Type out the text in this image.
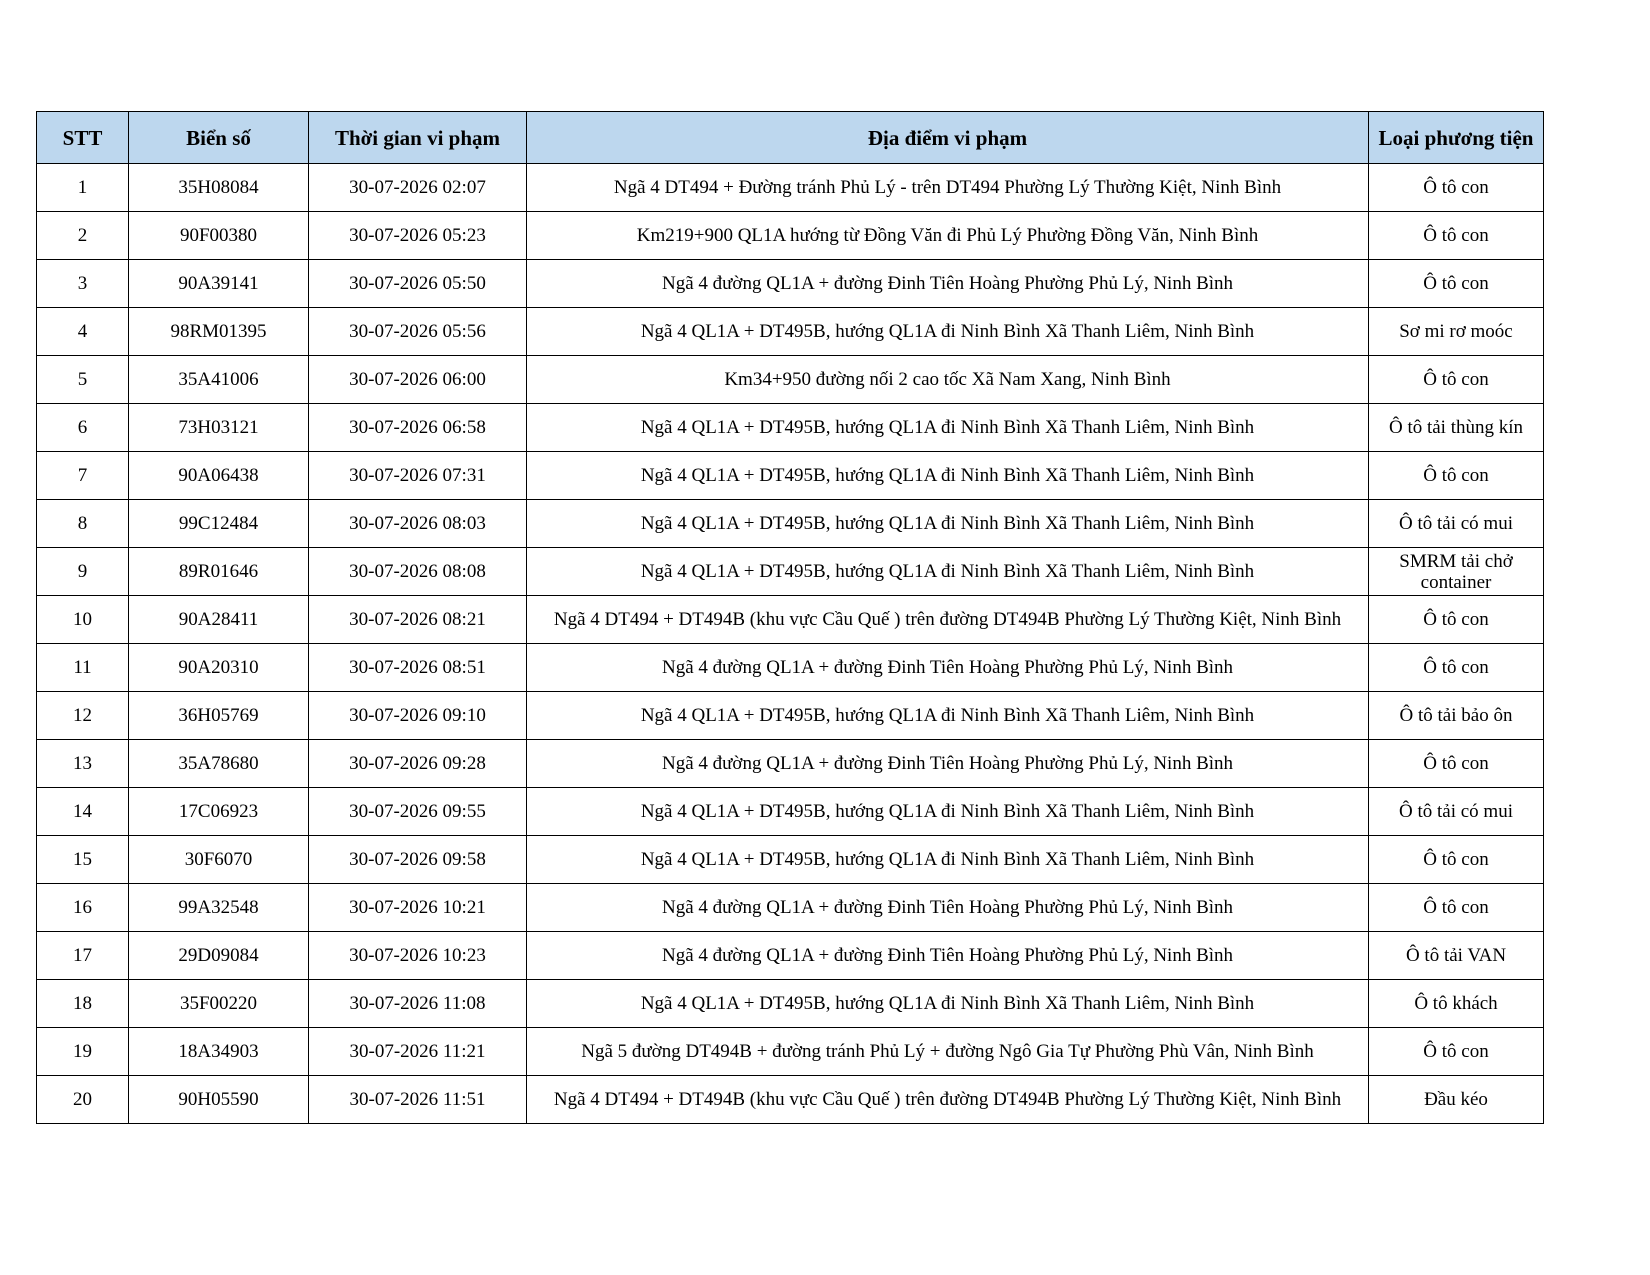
STT	Biển số	Thời gian vi phạm	Địa điểm vi phạm	Loại phương tiện
1	35H08084	30-07-2026 02:07	Ngã 4 DT494 + Đường tránh Phủ Lý - trên DT494 Phường Lý Thường Kiệt, Ninh Bình	Ô tô con
2	90F00380	30-07-2026 05:23	Km219+900 QL1A hướng từ Đồng Văn đi Phủ Lý Phường Đồng Văn, Ninh Bình	Ô tô con
3	90A39141	30-07-2026 05:50	Ngã 4 đường QL1A + đường Đinh Tiên Hoàng Phường Phủ Lý, Ninh Bình	Ô tô con
4	98RM01395	30-07-2026 05:56	Ngã 4 QL1A + DT495B, hướng QL1A đi Ninh Bình Xã Thanh Liêm, Ninh Bình	Sơ mi rơ moóc
5	35A41006	30-07-2026 06:00	Km34+950 đường nối 2 cao tốc Xã Nam Xang, Ninh Bình	Ô tô con
6	73H03121	30-07-2026 06:58	Ngã 4 QL1A + DT495B, hướng QL1A đi Ninh Bình Xã Thanh Liêm, Ninh Bình	Ô tô tải thùng kín
7	90A06438	30-07-2026 07:31	Ngã 4 QL1A + DT495B, hướng QL1A đi Ninh Bình Xã Thanh Liêm, Ninh Bình	Ô tô con
8	99C12484	30-07-2026 08:03	Ngã 4 QL1A + DT495B, hướng QL1A đi Ninh Bình Xã Thanh Liêm, Ninh Bình	Ô tô tải có mui
9	89R01646	30-07-2026 08:08	Ngã 4 QL1A + DT495B, hướng QL1A đi Ninh Bình Xã Thanh Liêm, Ninh Bình	SMRM tải chở container
10	90A28411	30-07-2026 08:21	Ngã 4 DT494 + DT494B (khu vực Cầu Quế ) trên đường DT494B Phường Lý Thường Kiệt, Ninh Bình	Ô tô con
11	90A20310	30-07-2026 08:51	Ngã 4 đường QL1A + đường Đinh Tiên Hoàng Phường Phủ Lý, Ninh Bình	Ô tô con
12	36H05769	30-07-2026 09:10	Ngã 4 QL1A + DT495B, hướng QL1A đi Ninh Bình Xã Thanh Liêm, Ninh Bình	Ô tô tải bảo ôn
13	35A78680	30-07-2026 09:28	Ngã 4 đường QL1A + đường Đinh Tiên Hoàng Phường Phủ Lý, Ninh Bình	Ô tô con
14	17C06923	30-07-2026 09:55	Ngã 4 QL1A + DT495B, hướng QL1A đi Ninh Bình Xã Thanh Liêm, Ninh Bình	Ô tô tải có mui
15	30F6070	30-07-2026 09:58	Ngã 4 QL1A + DT495B, hướng QL1A đi Ninh Bình Xã Thanh Liêm, Ninh Bình	Ô tô con
16	99A32548	30-07-2026 10:21	Ngã 4 đường QL1A + đường Đinh Tiên Hoàng Phường Phủ Lý, Ninh Bình	Ô tô con
17	29D09084	30-07-2026 10:23	Ngã 4 đường QL1A + đường Đinh Tiên Hoàng Phường Phủ Lý, Ninh Bình	Ô tô tải VAN
18	35F00220	30-07-2026 11:08	Ngã 4 QL1A + DT495B, hướng QL1A đi Ninh Bình Xã Thanh Liêm, Ninh Bình	Ô tô khách
19	18A34903	30-07-2026 11:21	Ngã 5 đường DT494B + đường tránh Phủ Lý + đường Ngô Gia Tự Phường Phù Vân, Ninh Bình	Ô tô con
20	90H05590	30-07-2026 11:51	Ngã 4 DT494 + DT494B (khu vực Cầu Quế ) trên đường DT494B Phường Lý Thường Kiệt, Ninh Bình	Đầu kéo
